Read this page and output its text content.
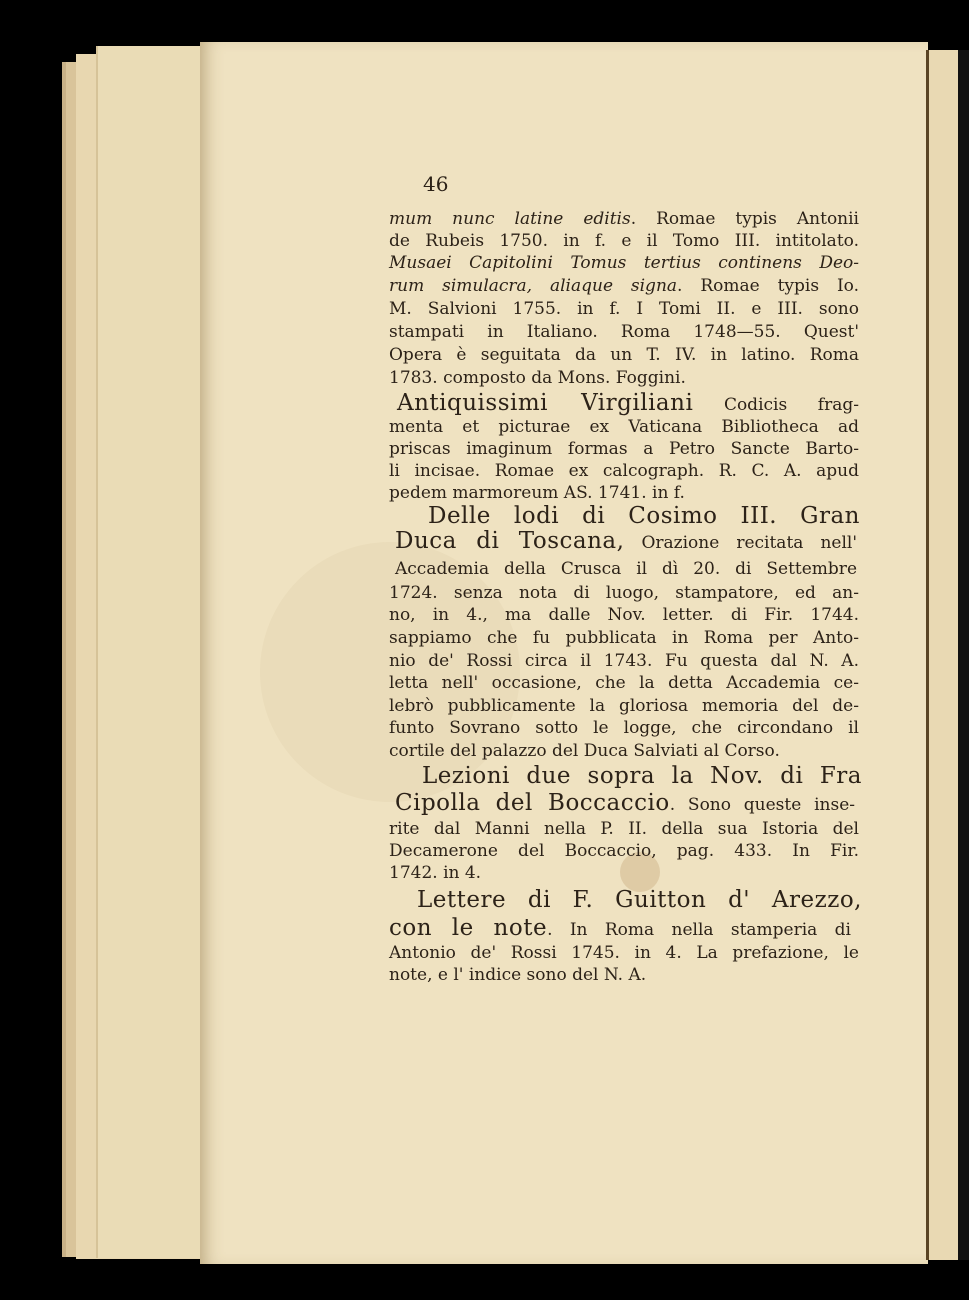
46
mum nunc latine editis. Romae typis Antonii
de Rubeis 1750. in f. e il Tomo III. intitolato.
Musaei Capitolini Tomus tertius continens Deo-
rum simulacra, aliaque signa. Romae typis Io.
M. Salvioni 1755. in f. I Tomi II. e III. sono
stampati in Italiano. Roma 1748—55. Quest'
Opera è seguitata da un T. IV. in latino. Roma
1783. composto da Mons. Foggini.
Antiquissimi Virgiliani Codicis frag-
menta et picturae ex Vaticana Bibliotheca ad
priscas imaginum formas a Petro Sancte Barto-
li incisae. Romae ex calcograph. R. C. A. apud
pedem marmoreum AS. 1741. in f.
Delle lodi di Cosimo III. Gran
Duca di Toscana, Orazione recitata nell'
Accademia della Crusca il dì 20. di Settembre
1724. senza nota di luogo, stampatore, ed an-
no, in 4., ma dalle Nov. letter. di Fir. 1744.
sappiamo che fu pubblicata in Roma per Anto-
nio de' Rossi circa il 1743. Fu questa dal N. A.
letta nell' occasione, che la detta Accademia ce-
lebrò pubblicamente la gloriosa memoria del de-
funto Sovrano sotto le logge, che circondano il
cortile del palazzo del Duca Salviati al Corso.
Lezioni due sopra la Nov. di Fra
Cipolla del Boccaccio. Sono queste inse-
rite dal Manni nella P. II. della sua Istoria del
Decamerone del Boccaccio, pag. 433. In Fir.
1742. in 4.
Lettere di F. Guitton d' Arezzo,
con le note. In Roma nella stamperia di
Antonio de' Rossi 1745. in 4. La prefazione, le
note, e l' indice sono del N. A.
